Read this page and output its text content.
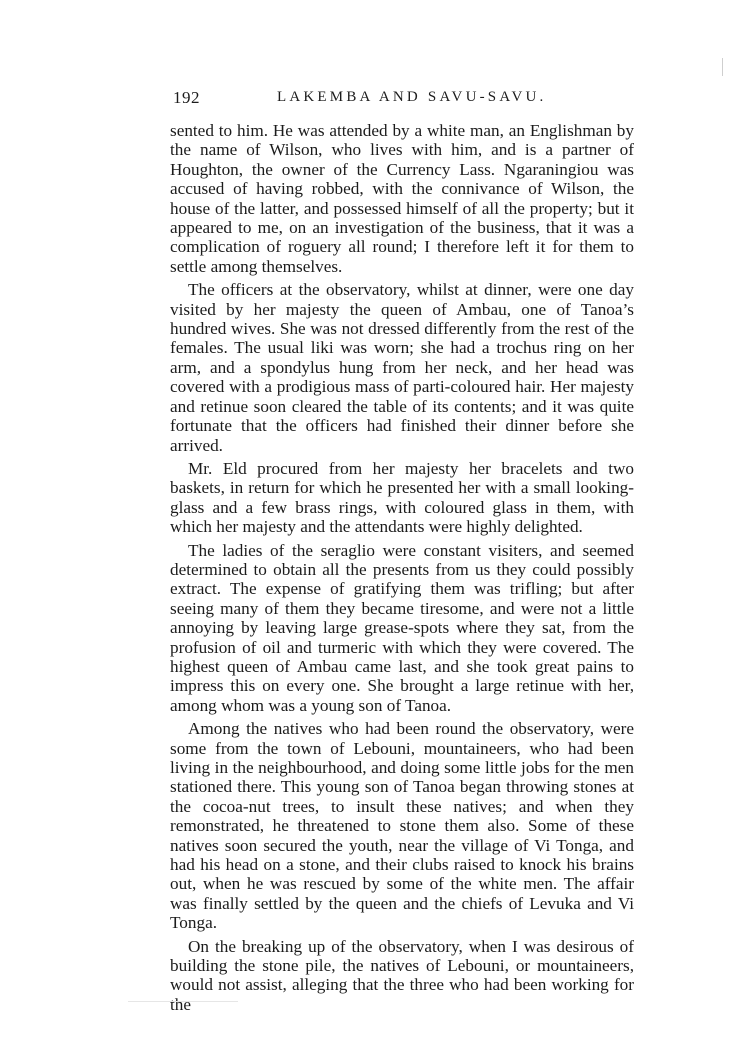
192	LAKEMBA AND SAVU-SAVU.

sented to him. He was attended by a white man, an Englishman by the name of Wilson, who lives with him, and is a partner of Houghton, the owner of the Currency Lass. Ngaraningiou was accused of having robbed, with the connivance of Wilson, the house of the latter, and possessed himself of all the property; but it appeared to me, on an investigation of the business, that it was a complication of roguery all round; I therefore left it for them to settle among themselves.

The officers at the observatory, whilst at dinner, were one day visited by her majesty the queen of Ambau, one of Tanoa’s hundred wives. She was not dressed differently from the rest of the females. The usual liki was worn; she had a trochus ring on her arm, and a spondylus hung from her neck, and her head was covered with a prodigious mass of parti-coloured hair. Her majesty and retinue soon cleared the table of its contents; and it was quite fortunate that the officers had finished their dinner before she arrived.

Mr. Eld procured from her majesty her bracelets and two baskets, in return for which he presented her with a small looking-glass and a few brass rings, with coloured glass in them, with which her majesty and the attendants were highly delighted.

The ladies of the seraglio were constant visiters, and seemed determined to obtain all the presents from us they could possibly extract. The expense of gratifying them was trifling; but after seeing many of them they became tiresome, and were not a little annoying by leaving large grease-spots where they sat, from the profusion of oil and turmeric with which they were covered. The highest queen of Ambau came last, and she took great pains to impress this on every one. She brought a large retinue with her, among whom was a young son of Tanoa.

Among the natives who had been round the observatory, were some from the town of Lebouni, mountaineers, who had been living in the neighbourhood, and doing some little jobs for the men stationed there. This young son of Tanoa began throwing stones at the cocoa-nut trees, to insult these natives; and when they remonstrated, he threatened to stone them also. Some of these natives soon secured the youth, near the village of Vi Tonga, and had his head on a stone, and their clubs raised to knock his brains out, when he was rescued by some of the white men. The affair was finally settled by the queen and the chiefs of Levuka and Vi Tonga.

On the breaking up of the observatory, when I was desirous of building the stone pile, the natives of Lebouni, or mountaineers, would not assist, alleging that the three who had been working for the
